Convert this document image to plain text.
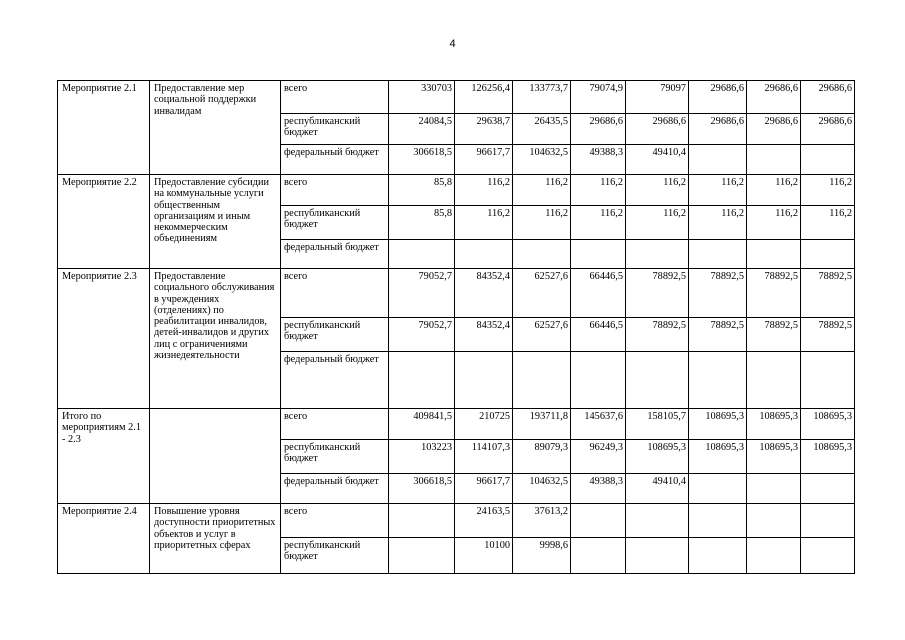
4
Мероприятие 2.1	Предоставление мер социальной поддержки инвалидам	всего	330703	126256,4	133773,7	79074,9	79097	29686,6	29686,6	29686,6
		республиканский бюджет	24084,5	29638,7	26435,5	29686,6	29686,6	29686,6	29686,6	29686,6
		федеральный бюджет	306618,5	96617,7	104632,5	49388,3	49410,4			
Мероприятие 2.2	Предоставление субсидии на коммунальные услуги общественным организациям и иным некоммерческим объединениям	всего	85,8	116,2	116,2	116,2	116,2	116,2	116,2	116,2
		республиканский бюджет	85,8	116,2	116,2	116,2	116,2	116,2	116,2	116,2
		федеральный бюджет								
Мероприятие 2.3	Предоставление социального обслуживания в учреждениях (отделениях) по реабилитации инвалидов, детей-инвалидов и других лиц с ограничениями жизнедеятельности	всего	79052,7	84352,4	62527,6	66446,5	78892,5	78892,5	78892,5	78892,5
		республиканский бюджет	79052,7	84352,4	62527,6	66446,5	78892,5	78892,5	78892,5	78892,5
		федеральный бюджет								
Итого по мероприятиям 2.1 - 2.3		всего	409841,5	210725	193711,8	145637,6	158105,7	108695,3	108695,3	108695,3
		республиканский бюджет	103223	114107,3	89079,3	96249,3	108695,3	108695,3	108695,3	108695,3
		федеральный бюджет	306618,5	96617,7	104632,5	49388,3	49410,4			
Мероприятие 2.4	Повышение уровня доступности приоритетных объектов и услуг в приоритетных сферах	всего		24163,5	37613,2					
		республиканский бюджет		10100	9998,6					
